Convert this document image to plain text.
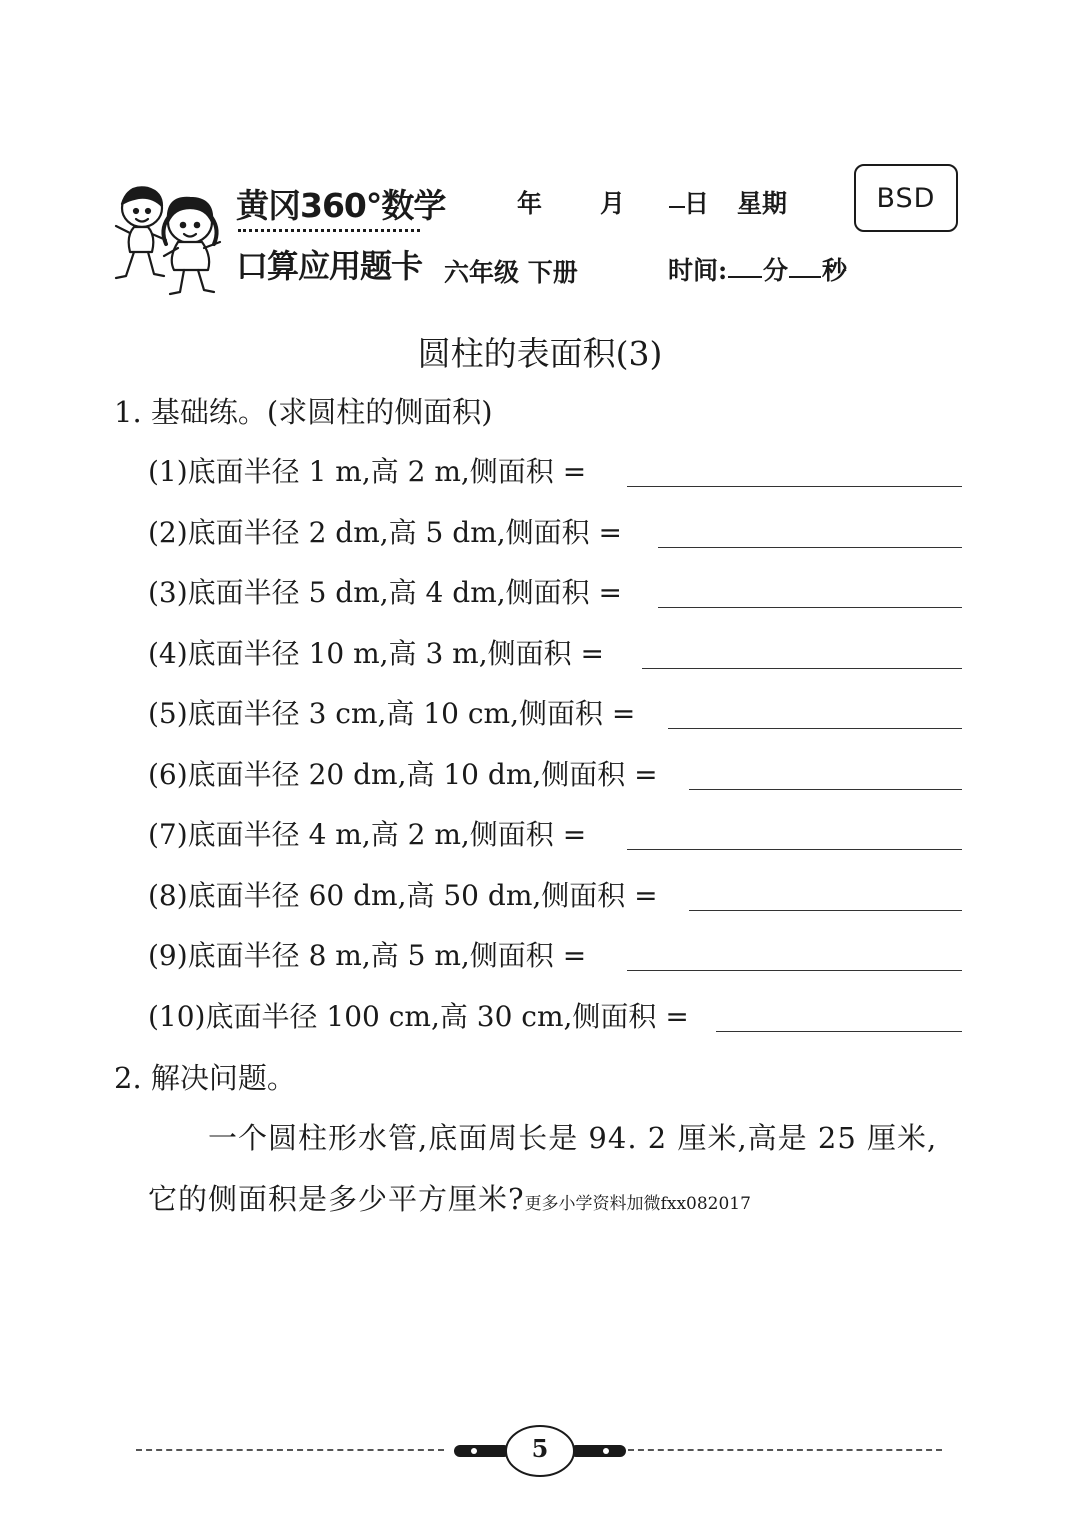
黄冈360°数学
口算应用题卡
年 月 日 星期	BSD
六年级 下册	时间: 分 秒
圆柱的表面积(3)
1. 基础练。(求圆柱的侧面积)
(1)底面半径 1 m,高 2 m,侧面积 =
(2)底面半径 2 dm,高 5 dm,侧面积 =
(3)底面半径 5 dm,高 4 dm,侧面积 =
(4)底面半径 10 m,高 3 m,侧面积 =
(5)底面半径 3 cm,高 10 cm,侧面积 =
(6)底面半径 20 dm,高 10 dm,侧面积 =
(7)底面半径 4 m,高 2 m,侧面积 =
(8)底面半径 60 dm,高 50 dm,侧面积 =
(9)底面半径 8 m,高 5 m,侧面积 =
(10)底面半径 100 cm,高 30 cm,侧面积 =
2. 解决问题。
一个圆柱形水管,底面周长是 94. 2 厘米,高是 25 厘米,
它的侧面积是多少平方厘米?更多小学资料加微fxx082017
5
